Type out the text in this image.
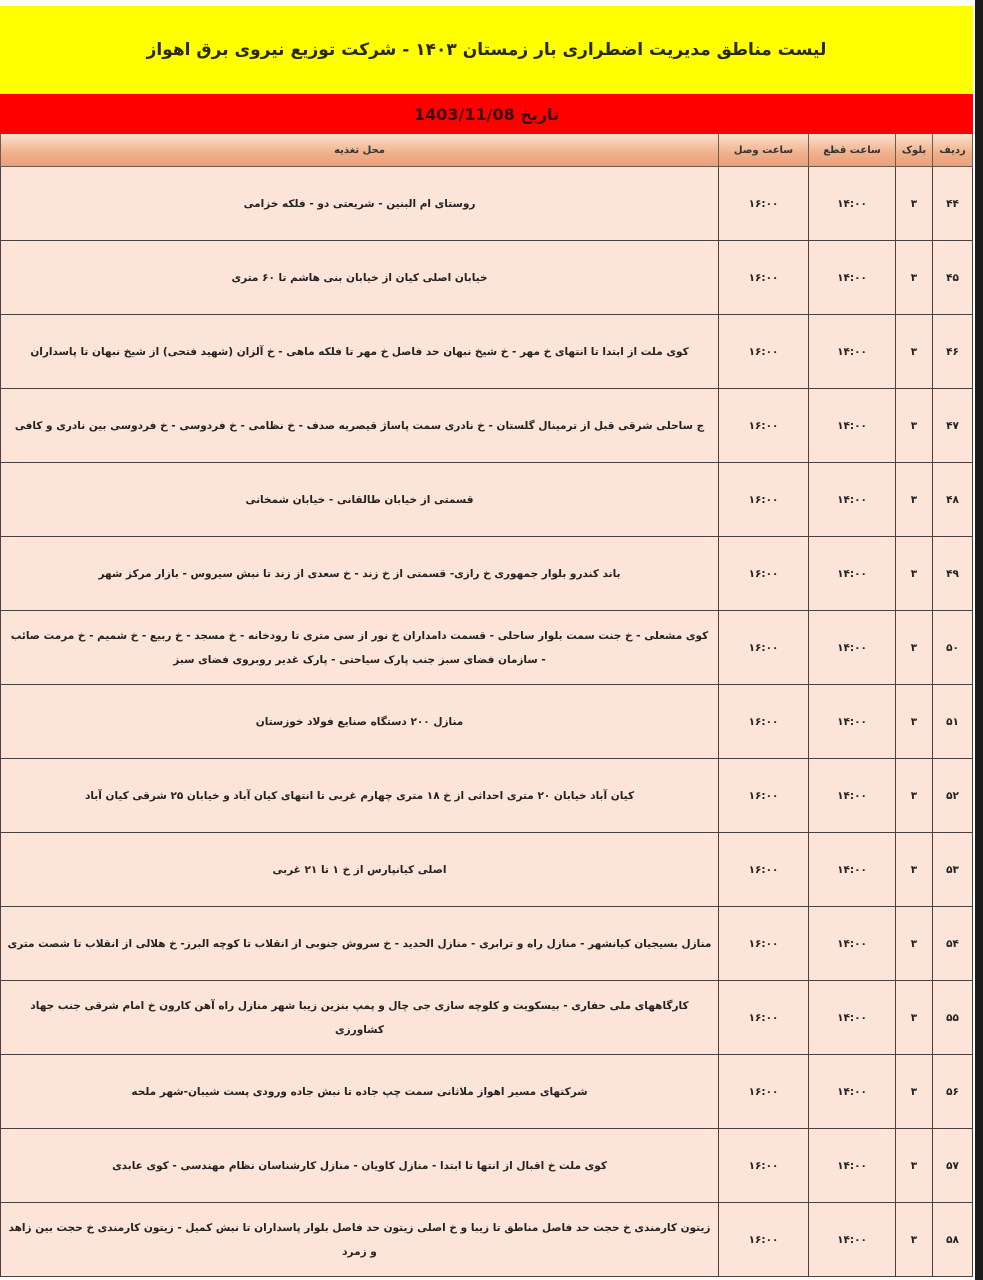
لیست مناطق مدیریت اضطراری بار زمستان ۱۴۰۳ - شرکت توزیع نیروی برق اهواز
تاریخ 1403/11/08
ردیف	بلوک	ساعت قطع	ساعت وصل	محل تغذیه
۴۴	۳	۱۴:۰۰	۱۶:۰۰	روستای ام البنین - شریعتی دو - فلکه خزامی
۴۵	۳	۱۴:۰۰	۱۶:۰۰	خیابان اصلی کیان از خیابان بنی هاشم تا ۶۰ متری
۴۶	۳	۱۴:۰۰	۱۶:۰۰	کوی ملت از ابتدا تا انتهای خ مهر - خ شیخ نبهان حد فاصل خ مهر تا فلکه ماهی - خ آلزان (شهید فتحی) از شیخ نبهان تا پاسداران
۴۷	۳	۱۴:۰۰	۱۶:۰۰	ج ساحلی شرقی قبل از ترمینال گلستان - خ نادری سمت پاساژ قیصریه صدف - خ نظامی - خ فردوسی - خ فردوسی بین نادری و کافی
۴۸	۳	۱۴:۰۰	۱۶:۰۰	قسمتی از خیابان طالقانی - خیابان شمخانی
۴۹	۳	۱۴:۰۰	۱۶:۰۰	باند کندرو بلوار جمهوری خ رازی- قسمتی از خ زند - خ سعدی از زند تا نبش سیروس - بازار مرکز شهر
۵۰	۳	۱۴:۰۰	۱۶:۰۰	کوی مشعلی - خ جنت سمت بلوار ساحلی - قسمت دامداران خ نور از سی متری تا رودخانه - خ مسجد - خ ربیع - خ شمیم - خ مرمت صائب - سازمان فضای سبز جنب پارک سیاحتی - پارک غدیر روبروی فضای سبز
۵۱	۳	۱۴:۰۰	۱۶:۰۰	منازل ۲۰۰ دستگاه صنایع فولاد خوزستان
۵۲	۳	۱۴:۰۰	۱۶:۰۰	کیان آباد خیابان ۲۰ متری احداثی از خ ۱۸ متری چهارم غربی تا انتهای کیان آباد و خیابان ۲۵ شرقی کیان آباد
۵۳	۳	۱۴:۰۰	۱۶:۰۰	اصلی کیانپارس از خ ۱ تا ۲۱ غربی
۵۴	۳	۱۴:۰۰	۱۶:۰۰	منازل بسیجیان کیانشهر - منازل راه و ترابری - منازل الحدید - خ سروش جنوبی از انقلاب تا کوچه البرز- خ هلالی از انقلاب تا شصت متری
۵۵	۳	۱۴:۰۰	۱۶:۰۰	کارگاههای ملی حفاری - بیسکویت و کلوچه سازی جی چال و پمپ بنزین زیبا شهر منازل راه آهن کارون خ امام شرقی جنب جهاد کشاورزی
۵۶	۳	۱۴:۰۰	۱۶:۰۰	شرکتهای مسیر اهواز ملاثانی سمت چپ جاده تا نبش جاده ورودی پست شیبان-شهر ملحه
۵۷	۳	۱۴:۰۰	۱۶:۰۰	کوی ملت خ اقبال از انتها تا ابتدا - منازل کاویان - منازل کارشناسان نظام مهندسی - کوی عابدی
۵۸	۳	۱۴:۰۰	۱۶:۰۰	زیتون کارمندی خ حجت حد فاصل مناطق تا زیبا و خ اصلی زیتون حد فاصل بلوار پاسداران تا نبش کمیل - زیتون کارمندی خ حجت بین زاهد و زمرد
